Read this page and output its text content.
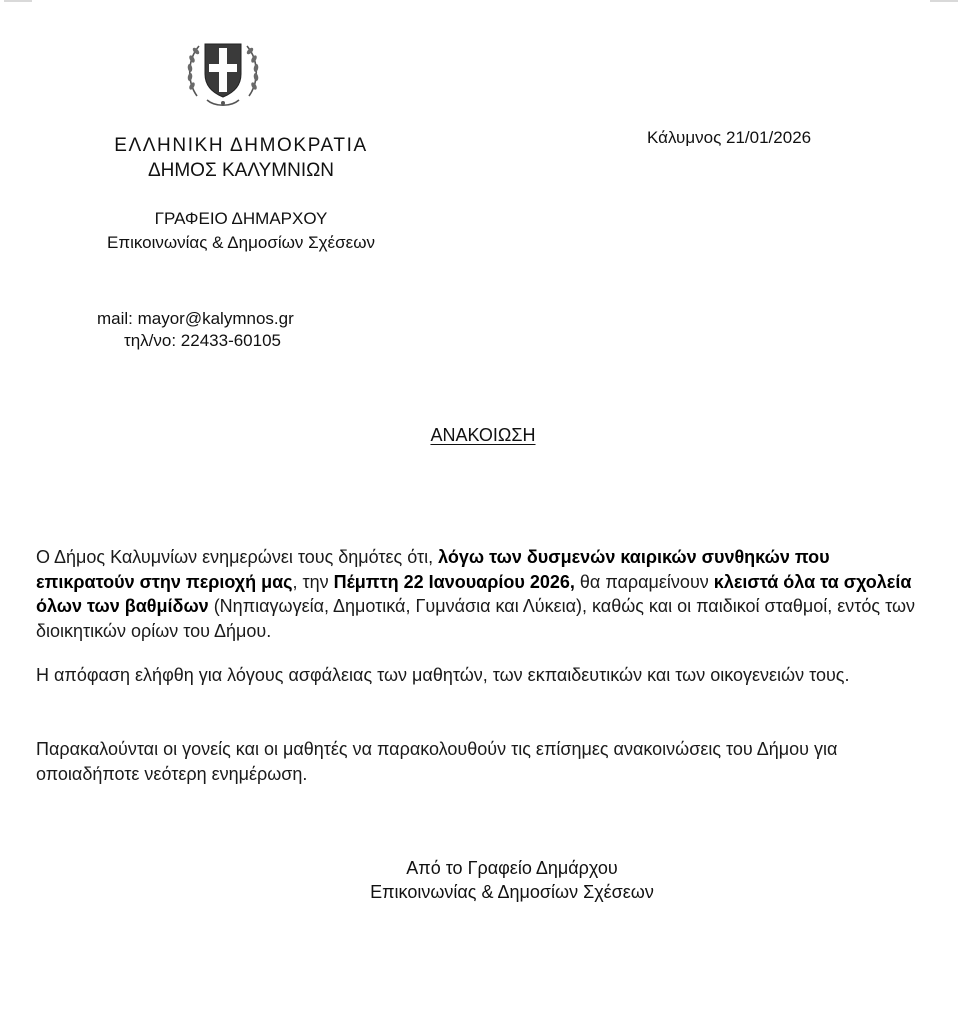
ΕΛΛΗΝΙΚΗ ΔΗΜΟΚΡΑΤΙΑ
ΔΗΜΟΣ ΚΑΛΥΜΝΙΩΝ
ΓΡΑΦΕΙΟ ΔΗΜΑΡΧΟΥ
Επικοινωνίας & Δημοσίων Σχέσεων
Κάλυμνος 21/01/2026
mail: mayor@kalymnos.gr
τηλ/νο: 22433-60105
ΑΝΑΚΟΙΩΣΗ
Ο Δήμος Καλυμνίων ενημερώνει τους δημότες ότι, λόγω των δυσμενών καιρικών συνθηκών που επικρατούν στην περιοχή μας, την Πέμπτη 22 Ιανουαρίου 2026, θα παραμείνουν κλειστά όλα τα σχολεία όλων των βαθμίδων (Νηπιαγωγεία, Δημοτικά, Γυμνάσια και Λύκεια), καθώς και οι παιδικοί σταθμοί, εντός των διοικητικών ορίων του Δήμου.
Η απόφαση ελήφθη για λόγους ασφάλειας των μαθητών, των εκπαιδευτικών και των οικογενειών τους.
Παρακαλούνται οι γονείς και οι μαθητές να παρακολουθούν τις επίσημες ανακοινώσεις του Δήμου για οποιαδήποτε νεότερη ενημέρωση.
Από το Γραφείο Δημάρχου
Επικοινωνίας & Δημοσίων Σχέσεων
